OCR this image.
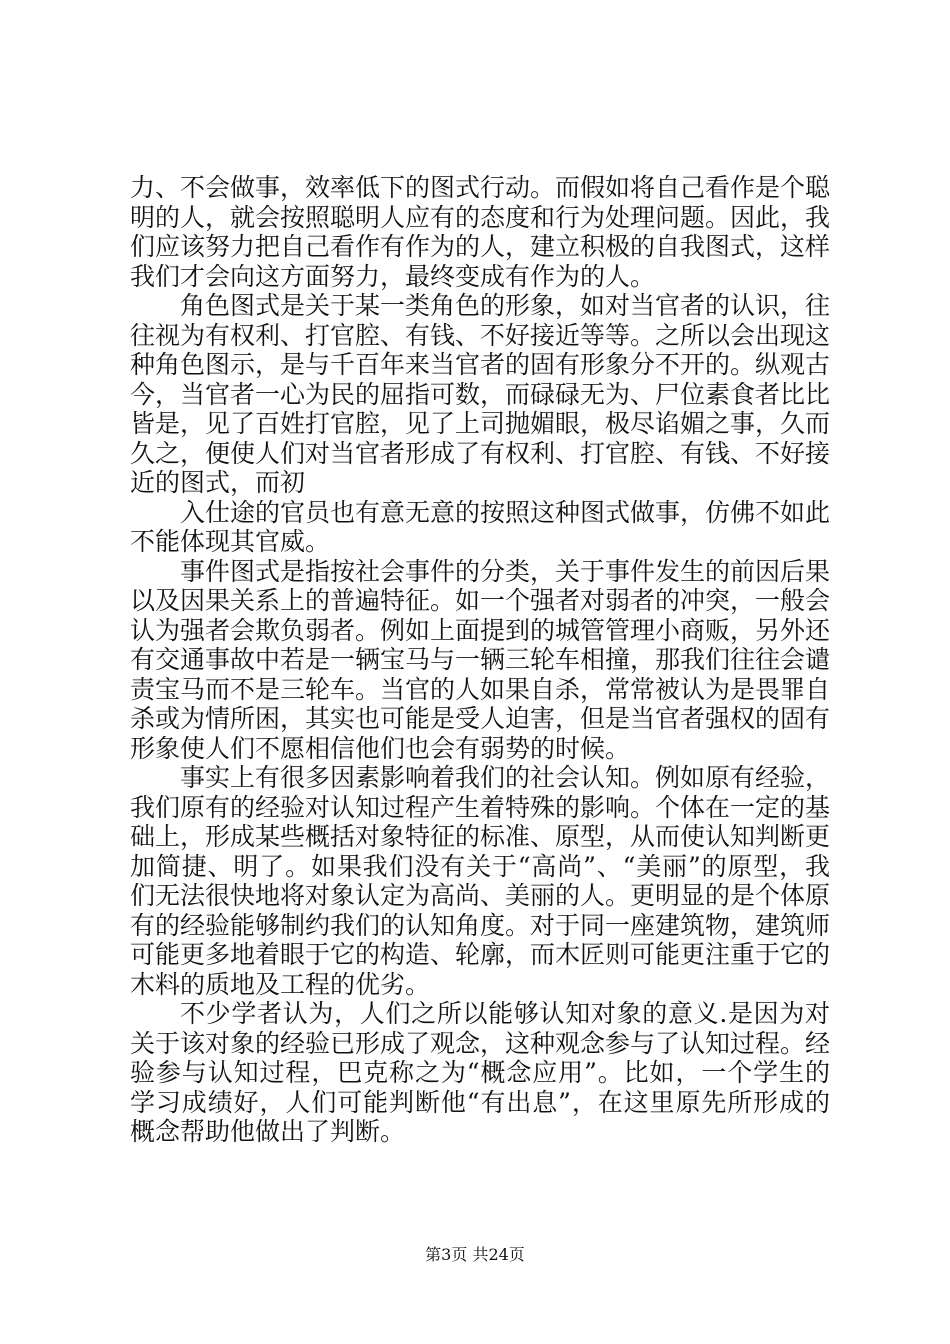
力、不会做事，效率低下的图式行动。而假如将自己看作是个聪明的人，就会按照聪明人应有的态度和行为处理问题。因此，我们应该努力把自己看作有作为的人，建立积极的自我图式，这样我们才会向这方面努力，最终变成有作为的人。

角色图式是关于某一类角色的形象，如对当官者的认识，往往视为有权利、打官腔、有钱、不好接近等等。之所以会出现这种角色图示，是与千百年来当官者的固有形象分不开的。纵观古今，当官者一心为民的屈指可数，而碌碌无为、尸位素食者比比皆是，见了百姓打官腔，见了上司抛媚眼，极尽谄媚之事，久而久之，便使人们对当官者形成了有权利、打官腔、有钱、不好接近的图式，而初

入仕途的官员也有意无意的按照这种图式做事，仿佛不如此不能体现其官威。

事件图式是指按社会事件的分类，关于事件发生的前因后果以及因果关系上的普遍特征。如一个强者对弱者的冲突，一般会认为强者会欺负弱者。例如上面提到的城管管理小商贩，另外还有交通事故中若是一辆宝马与一辆三轮车相撞，那我们往往会谴责宝马而不是三轮车。当官的人如果自杀，常常被认为是畏罪自杀或为情所困，其实也可能是受人迫害，但是当官者强权的固有形象使人们不愿相信他们也会有弱势的时候。

事实上有很多因素影响着我们的社会认知。例如原有经验，我们原有的经验对认知过程产生着特殊的影响。个体在一定的基础上，形成某些概括对象特征的标准、原型，从而使认知判断更加简捷、明了。如果我们没有关于“高尚”、“美丽”的原型，我们无法很快地将对象认定为高尚、美丽的人。更明显的是个体原有的经验能够制约我们的认知角度。对于同一座建筑物，建筑师可能更多地着眼于它的构造、轮廓，而木匠则可能更注重于它的木料的质地及工程的优劣。

不少学者认为，人们之所以能够认知对象的意义.是因为对关于该对象的经验已形成了观念，这种观念参与了认知过程。经验参与认知过程，巴克称之为“概念应用”。比如，一个学生的学习成绩好，人们可能判断他“有出息”，在这里原先所形成的概念帮助他做出了判断。

第3页 共24页
